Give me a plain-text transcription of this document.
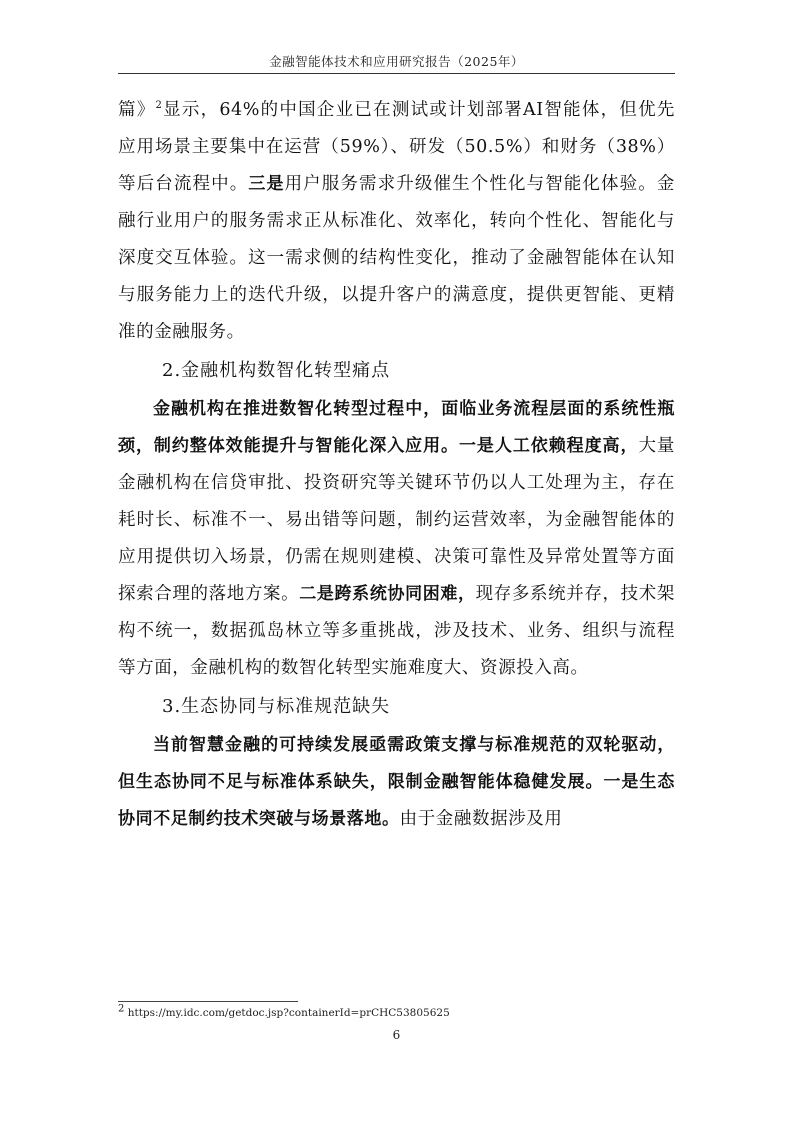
金融智能体技术和应用研究报告（2025年）

篇》$^2$显示，64%的中国企业已在测试或计划部署AI智能体，但优先应用场景主要集中在运营（59%）、研发（50.5%）和财务（38%）等后台流程中。三是用户服务需求升级催生个性化与智能化体验。金融行业用户的服务需求正从标准化、效率化，转向个性化、智能化与深度交互体验。这一需求侧的结构性变化，推动了金融智能体在认知与服务能力上的迭代升级，以提升客户的满意度，提供更智能、更精准的金融服务。

2.金融机构数智化转型痛点

金融机构在推进数智化转型过程中，面临业务流程层面的系统性瓶颈，制约整体效能提升与智能化深入应用。一是人工依赖程度高，大量金融机构在信贷审批、投资研究等关键环节仍以人工处理为主，存在耗时长、标准不一、易出错等问题，制约运营效率，为金融智能体的应用提供切入场景，仍需在规则建模、决策可靠性及异常处置等方面探索合理的落地方案。二是跨系统协同困难，现存多系统并存，技术架构不统一，数据孤岛林立等多重挑战，涉及技术、业务、组织与流程等方面，金融机构的数智化转型实施难度大、资源投入高。

3.生态协同与标准规范缺失

当前智慧金融的可持续发展亟需政策支撑与标准规范的双轮驱动，但生态协同不足与标准体系缺失，限制金融智能体稳健发展。一是生态协同不足制约技术突破与场景落地。由于金融数据涉及用

$^2$ https://my.idc.com/getdoc.jsp?containerId=prCHC53805625
6
